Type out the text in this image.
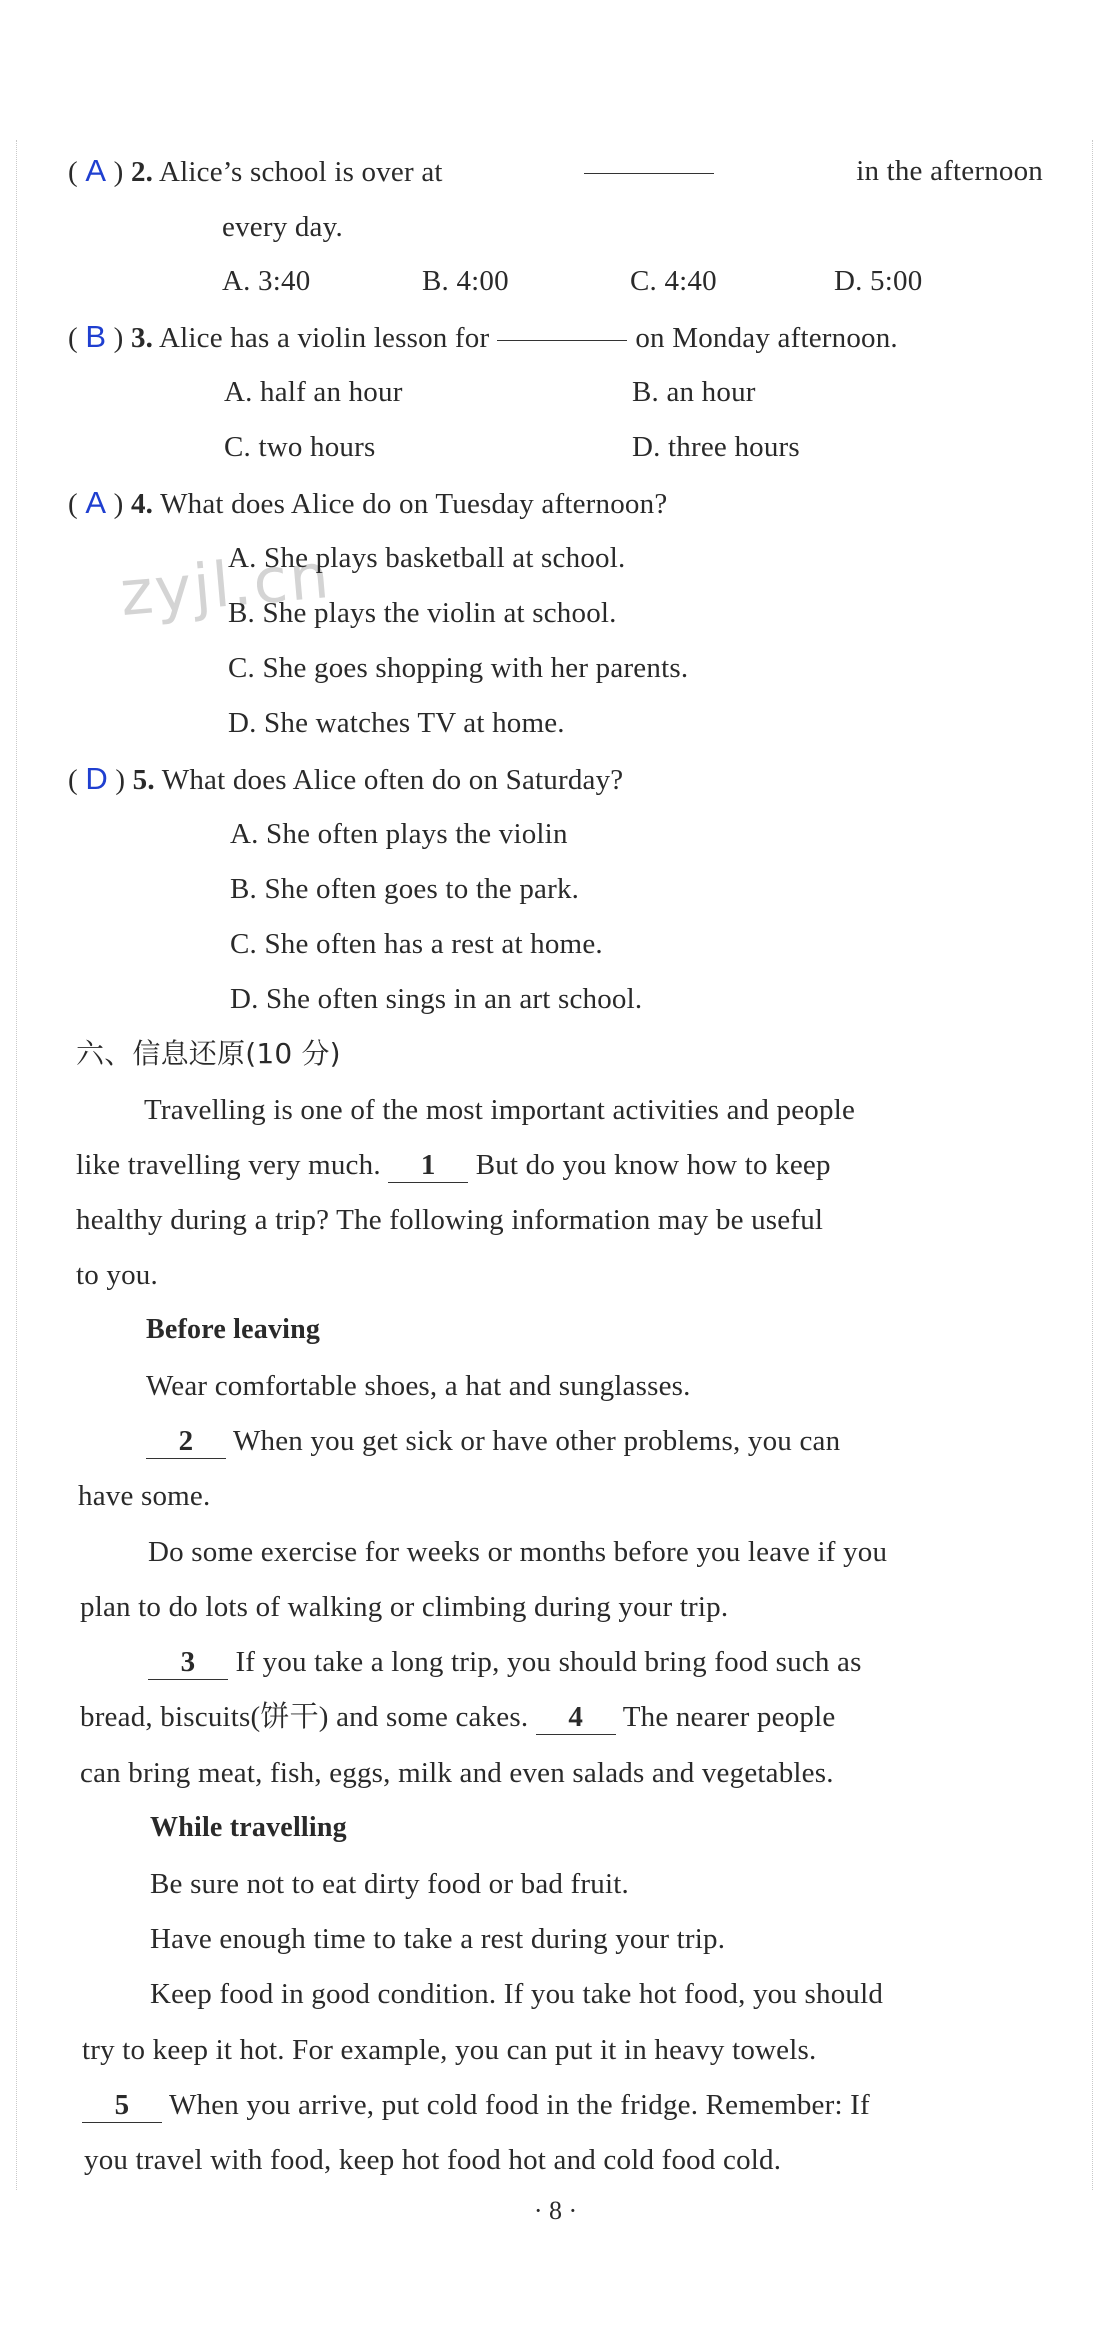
zyjl.cn
( A ) 2. Alice’s school is over at	in the afternoon
every day.
A. 3:40	B. 4:00	C. 4:40	D. 5:00
( B ) 3. Alice has a violin lesson for	on Monday afternoon.
A. half an hour	B. an hour
C. two hours	D. three hours
( A ) 4. What does Alice do on Tuesday afternoon?
A. She plays basketball at school.
B. She plays the violin at school.
C. She goes shopping with her parents.
D. She watches TV at home.
( D ) 5. What does Alice often do on Saturday?
A. She often plays the violin
B. She often goes to the park.
C. She often has a rest at home.
D. She often sings in an art school.
六、信息还原(10 分)
Travelling is one of the most important activities and people
like travelling very much. 1 But do you know how to keep
healthy during a trip? The following information may be useful
to you.
Before leaving
Wear comfortable shoes, a hat and sunglasses.
2 When you get sick or have other problems, you can
have some.
Do some exercise for weeks or months before you leave if you
plan to do lots of walking or climbing during your trip.
3 If you take a long trip, you should bring food such as
bread, biscuits(饼干) and some cakes. 4 The nearer people
can bring meat, fish, eggs, milk and even salads and vegetables.
While travelling
Be sure not to eat dirty food or bad fruit.
Have enough time to take a rest during your trip.
Keep food in good condition. If you take hot food, you should
try to keep it hot. For example, you can put it in heavy towels.
5 When you arrive, put cold food in the fridge. Remember: If
you travel with food, keep hot food hot and cold food cold.
· 8 ·
